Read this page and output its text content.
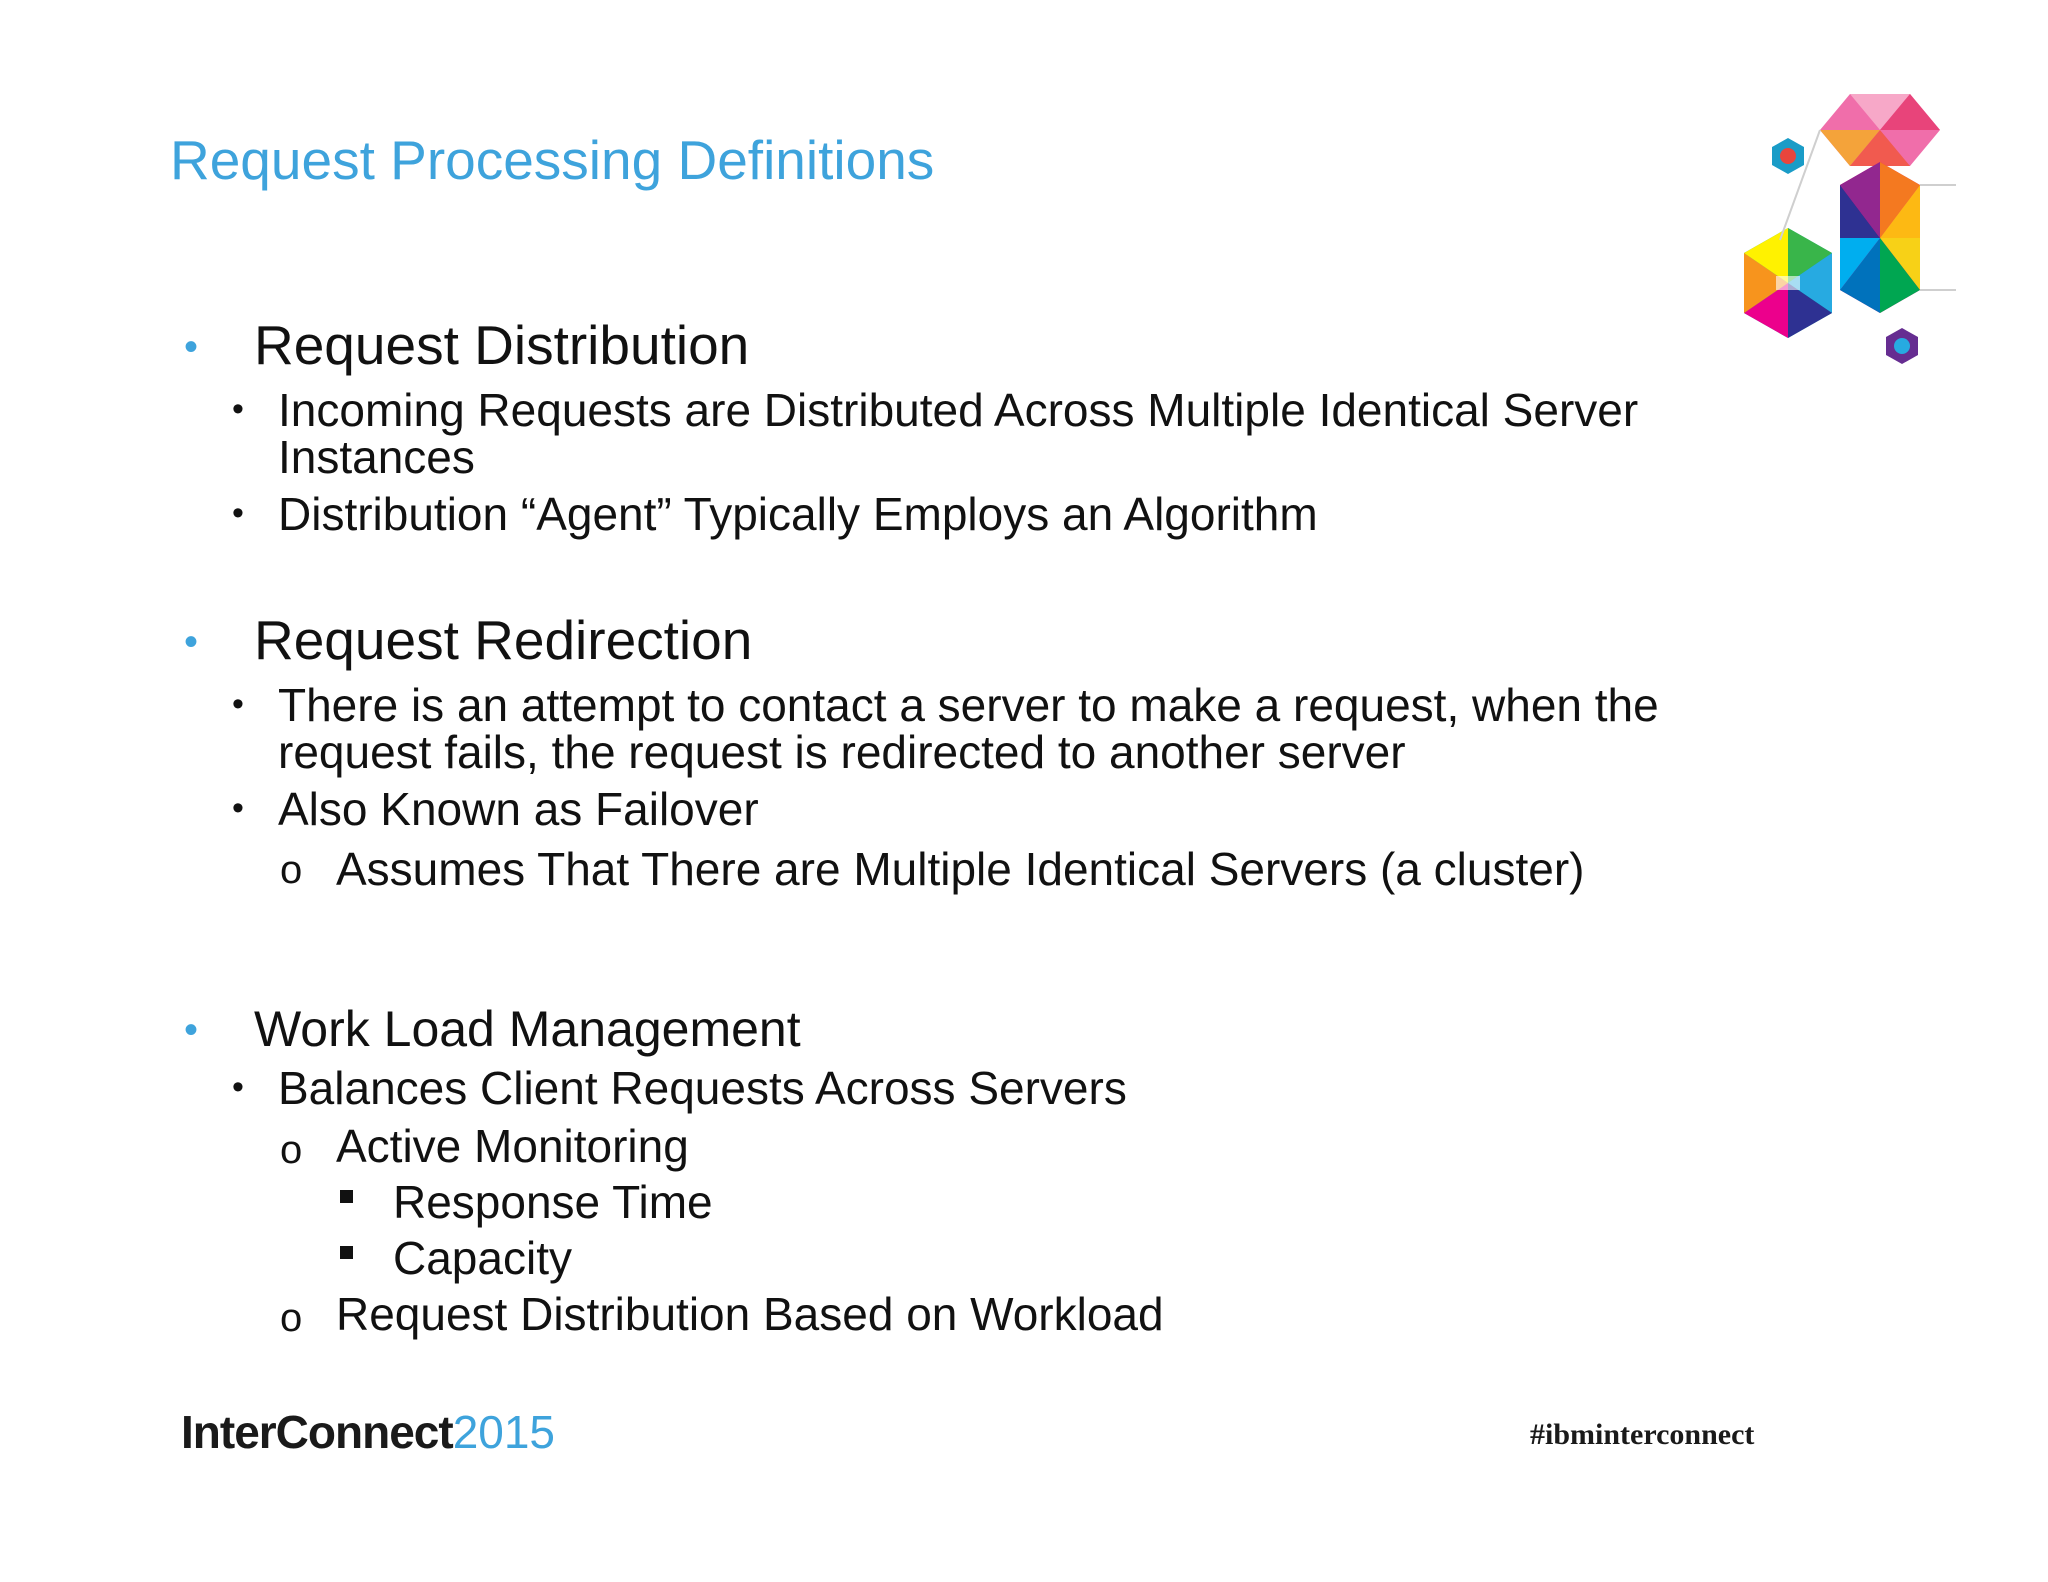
Request Processing Definitions
• Request Distribution
• Incoming Requests are Distributed Across Multiple Identical Server
Instances
• Distribution “Agent” Typically Employs an Algorithm
• Request Redirection
• There is an attempt to contact a server to make a request, when the
request fails, the request is redirected to another server
• Also Known as Failover
o Assumes That There are Multiple Identical Servers (a cluster)
• Work Load Management
• Balances Client Requests Across Servers
o Active Monitoring
Response Time
Capacity
o Request Distribution Based on Workload
InterConnect2015	#ibminterconnect
